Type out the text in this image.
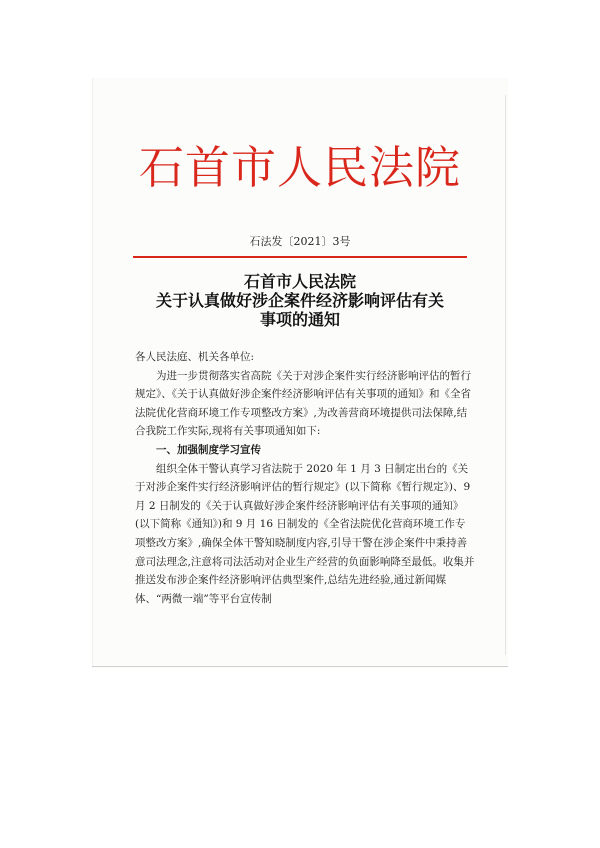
石首市人民法院
石法发〔2021〕3号
石首市人民法院
关于认真做好涉企案件经济影响评估有关
事项的通知

各人民法庭、机关各单位:

为进一步贯彻落实省高院《关于对涉企案件实行经济影响评估的暂行规定》、《关于认真做好涉企案件经济影响评估有关事项的通知》和《全省法院优化营商环境工作专项整改方案》,为改善营商环境提供司法保障,结合我院工作实际,现将有关事项通知如下:

一、加强制度学习宣传

组织全体干警认真学习省法院于 2020 年 1 月 3 日制定出台的《关于对涉企案件实行经济影响评估的暂行规定》(以下简称《暂行规定》)、9 月 2 日制发的《关于认真做好涉企案件经济影响评估有关事项的通知》(以下简称《通知》)和 9 月 16 日制发的《全省法院优化营商环境工作专项整改方案》,确保全体干警知晓制度内容,引导干警在涉企案件中秉持善意司法理念,注意将司法活动对企业生产经营的负面影响降至最低。收集并推送发布涉企案件经济影响评估典型案件,总结先进经验,通过新闻媒体、“两微一端”等平台宣传制
